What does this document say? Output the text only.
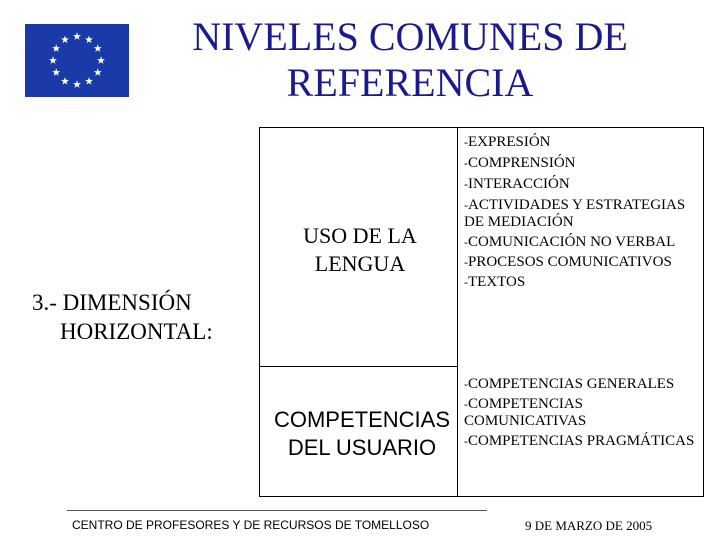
NIVELES COMUNES DE
REFERENCIA
3.- DIMENSIÓN
HORIZONTAL:
USO DE LA
LENGUA
-EXPRESIÓN
-COMPRENSIÓN
-INTERACCIÓN
-ACTIVIDADES Y ESTRATEGIAS DE MEDIACIÓN
-COMUNICACIÓN NO VERBAL
-PROCESOS COMUNICATIVOS
-TEXTOS
COMPETENCIAS
DEL USUARIO
-COMPETENCIAS GENERALES
-COMPETENCIAS COMUNICATIVAS
-COMPETENCIAS PRAGMÁTICAS
CENTRO DE PROFESORES Y DE RECURSOS DE TOMELLOSO	9 DE MARZO DE 2005
